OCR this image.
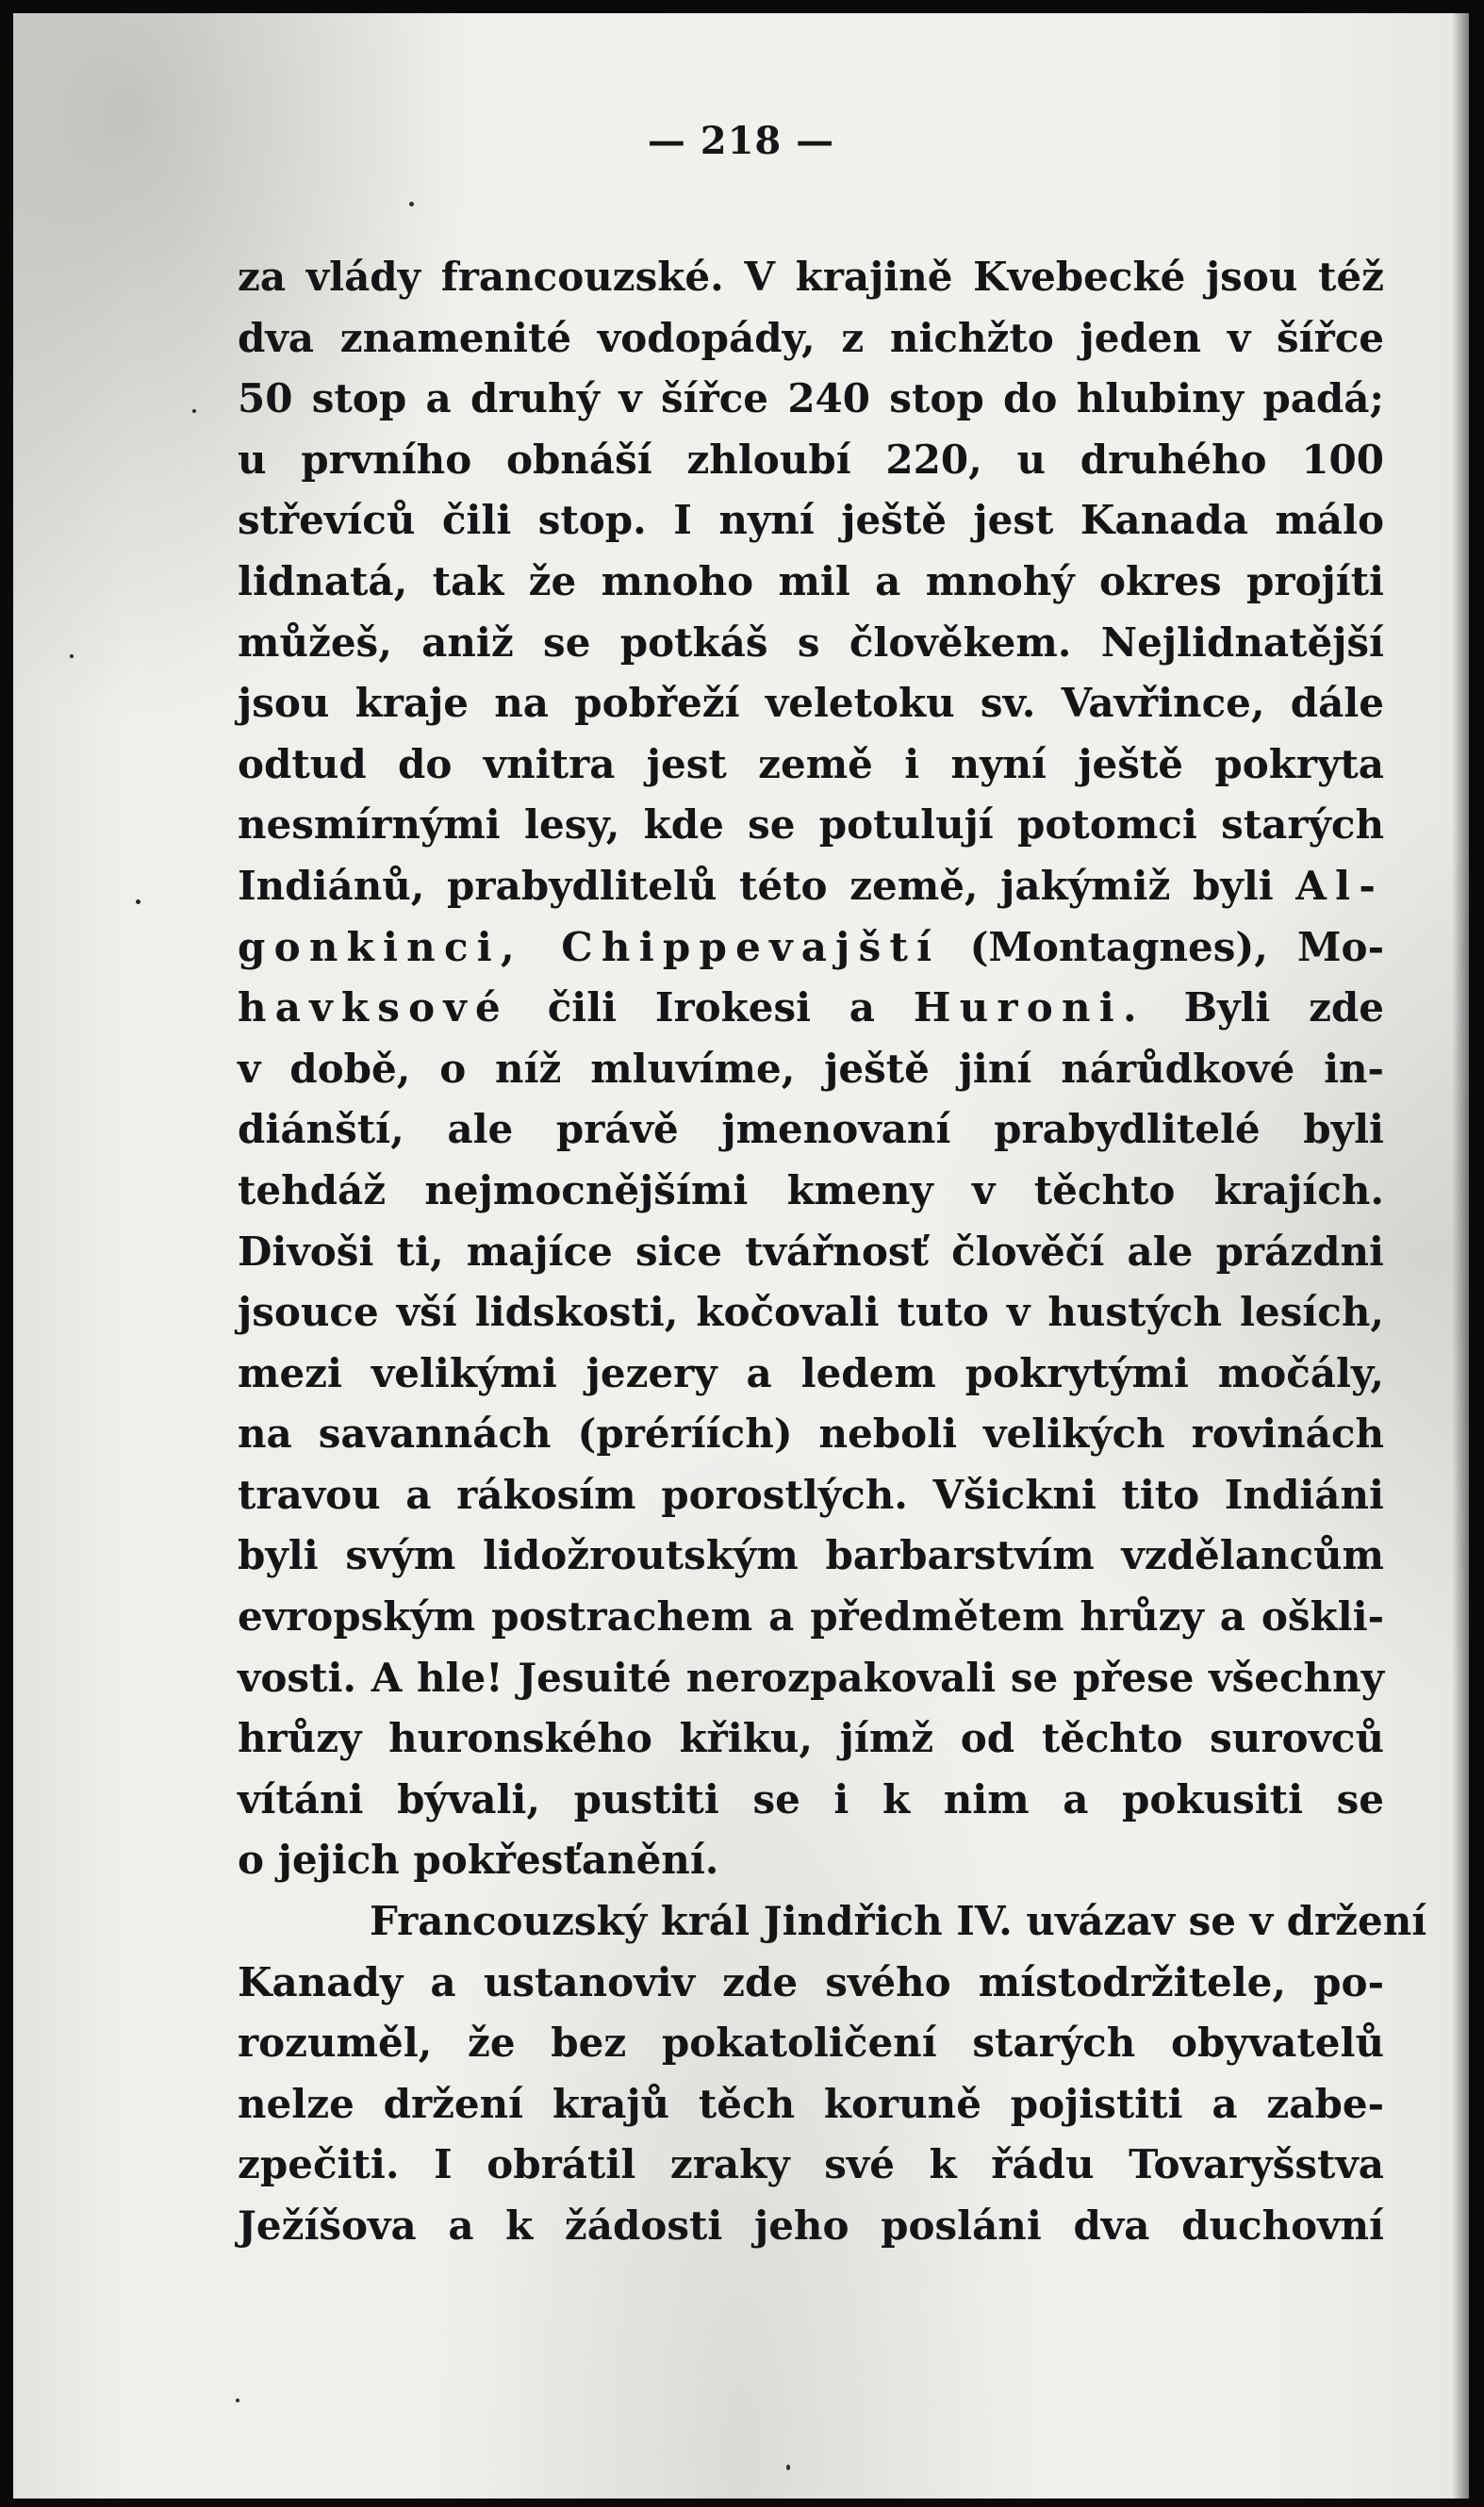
— 218 —
za vlády francouzské. V krajině Kvebecké jsou též
dva znamenité vodopády, z nichžto jeden v šířce
50 stop a druhý v šířce 240 stop do hlubiny padá;
u prvního obnáší zhloubí 220, u druhého 100
střevíců čili stop. I nyní ještě jest Kanada málo
lidnatá, tak že mnoho mil a mnohý okres projíti
můžeš, aniž se potkáš s člověkem. Nejlidnatější
jsou kraje na pobřeží veletoku sv. Vavřince, dále
odtud do vnitra jest země i nyní ještě pokryta
nesmírnými lesy, kde se potulují potomci starých
Indiánů, prabydlitelů této země, jakýmiž byli Al-
gonkinci, Chippevajští (Montagnes), Mo-
havksové čili Irokesi a Huroni. Byli zde
v době, o níž mluvíme, ještě jiní nárůdkové in-
diánští, ale právě jmenovaní prabydlitelé byli
tehdáž nejmocnějšími kmeny v těchto krajích.
Divoši ti, majíce sice tvářnosť člověčí ale prázdni
jsouce vší lidskosti, kočovali tuto v hustých lesích,
mezi velikými jezery a ledem pokrytými močály,
na savannách (préríích) neboli velikých rovinách
travou a rákosím porostlých. Všickni tito Indiáni
byli svým lidožroutským barbarstvím vzdělancům
evropským postrachem a předmětem hrůzy a oškli-
vosti. A hle! Jesuité nerozpakovali se přese všechny
hrůzy huronského křiku, jímž od těchto surovců
vítáni bývali, pustiti se i k nim a pokusiti se
o jejich pokřesťanění.
Francouzský král Jindřich IV. uvázav se v držení
Kanady a ustanoviv zde svého místodržitele, po-
rozuměl, že bez pokatoličení starých obyvatelů
nelze držení krajů těch koruně pojistiti a zabe-
zpečiti. I obrátil zraky své k řádu Tovaryšstva
Ježíšova a k žádosti jeho posláni dva duchovní
